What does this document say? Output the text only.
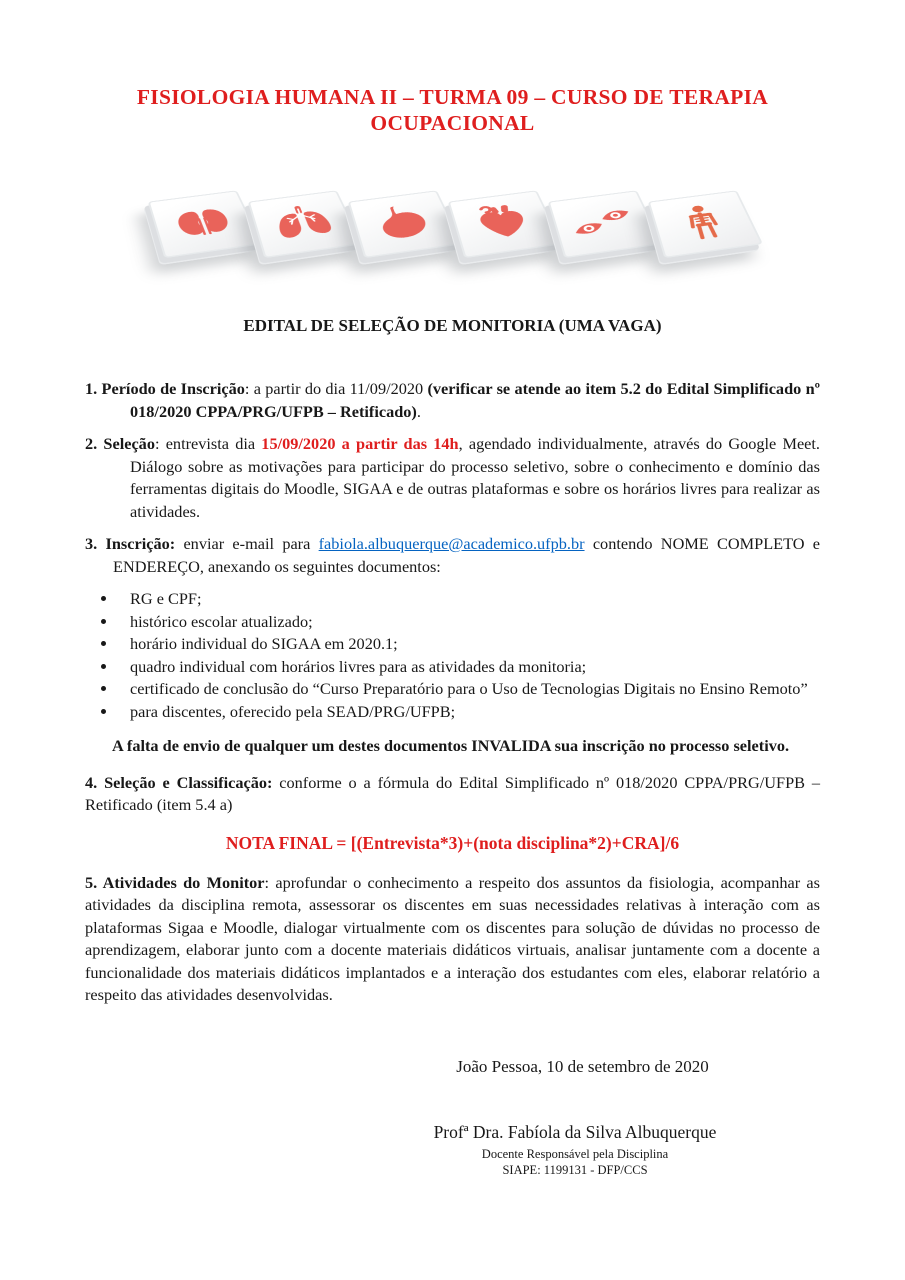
FISIOLOGIA HUMANA II – TURMA 09 – CURSO DE TERAPIA OCUPACIONAL
EDITAL DE SELEÇÃO DE MONITORIA (UMA VAGA)

1. Período de Inscrição: a partir do dia 11/09/2020 (verificar se atende ao item 5.2 do Edital Simplificado nº 018/2020 CPPA/PRG/UFPB – Retificado).

2. Seleção: entrevista dia 15/09/2020 a partir das 14h, agendado individualmente, através do Google Meet. Diálogo sobre as motivações para participar do processo seletivo, sobre o conhecimento e domínio das ferramentas digitais do Moodle, SIGAA e de outras plataformas e sobre os horários livres para realizar as atividades.

3. Inscrição: enviar e-mail para fabiola.albuquerque@academico.ufpb.br contendo NOME COMPLETO e ENDEREÇO, anexando os seguintes documentos:

• RG e CPF;
• histórico escolar atualizado;
• horário individual do SIGAA em 2020.1;
• quadro individual com horários livres para as atividades da monitoria;
• certificado de conclusão do “Curso Preparatório para o Uso de Tecnologias Digitais no Ensino Remoto”
• para discentes, oferecido pela SEAD/PRG/UFPB;

A falta de envio de qualquer um destes documentos INVALIDA sua inscrição no processo seletivo.

4. Seleção e Classificação: conforme o a fórmula do Edital Simplificado nº 018/2020 CPPA/PRG/UFPB – Retificado (item 5.4 a)

NOTA FINAL = [(Entrevista*3)+(nota disciplina*2)+CRA]/6

5. Atividades do Monitor: aprofundar o conhecimento a respeito dos assuntos da fisiologia, acompanhar as atividades da disciplina remota, assessorar os discentes em suas necessidades relativas à interação com as plataformas Sigaa e Moodle, dialogar virtualmente com os discentes para solução de dúvidas no processo de aprendizagem, elaborar junto com a docente materiais didáticos virtuais, analisar juntamente com a docente a funcionalidade dos materiais didáticos implantados e a interação dos estudantes com eles, elaborar relatório a respeito das atividades desenvolvidas.

João Pessoa, 10 de setembro de 2020
Profª Dra. Fabíola da Silva Albuquerque
Docente Responsável pela Disciplina
SIAPE: 1199131 - DFP/CCS
